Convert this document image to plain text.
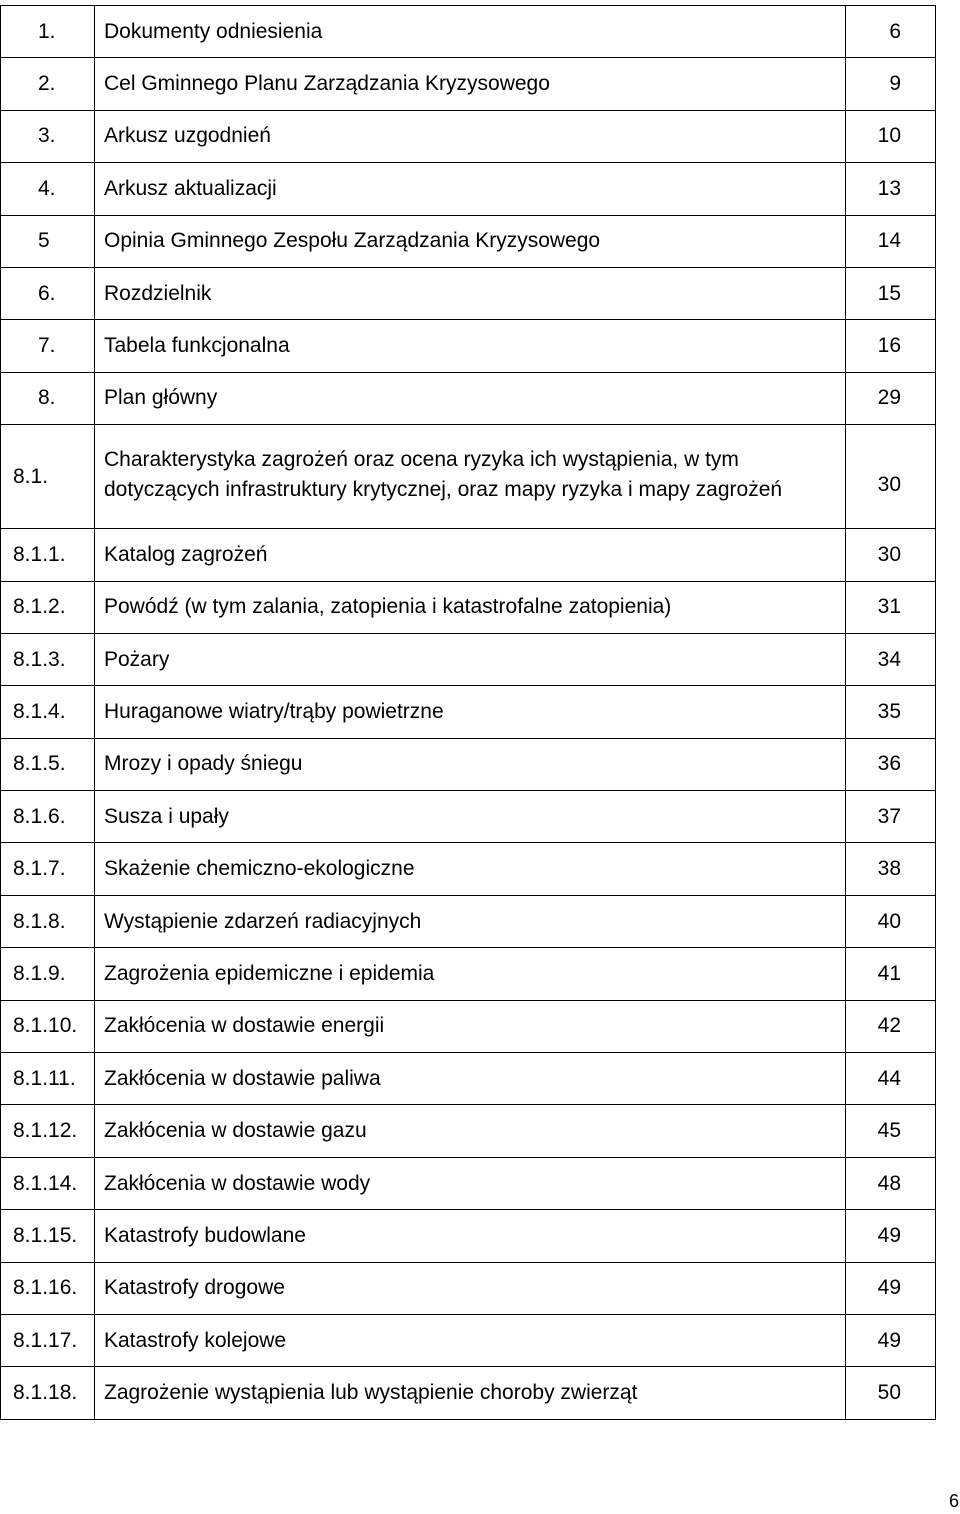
1.	Dokumenty odniesienia	6
2.	Cel Gminnego Planu Zarządzania Kryzysowego	9
3.	Arkusz uzgodnień	10
4.	Arkusz aktualizacji	13
5	Opinia Gminnego Zespołu Zarządzania Kryzysowego	14
6.	Rozdzielnik	15
7.	Tabela funkcjonalna	16
8.	Plan główny	29
8.1.	Charakterystyka zagrożeń oraz ocena ryzyka ich wystąpienia, w tym dotyczących infrastruktury krytycznej, oraz mapy ryzyka i mapy zagrożeń	30
8.1.1.	Katalog zagrożeń	30
8.1.2.	Powódź (w tym zalania, zatopienia i katastrofalne zatopienia)	31
8.1.3.	Pożary	34
8.1.4.	Huraganowe wiatry/trąby powietrzne	35
8.1.5.	Mrozy i opady śniegu	36
8.1.6.	Susza i upały	37
8.1.7.	Skażenie chemiczno-ekologiczne	38
8.1.8.	Wystąpienie zdarzeń radiacyjnych	40
8.1.9.	Zagrożenia epidemiczne i epidemia	41
8.1.10.	Zakłócenia w dostawie energii	42
8.1.11.	Zakłócenia w dostawie paliwa	44
8.1.12.	Zakłócenia w dostawie gazu	45
8.1.14.	Zakłócenia w dostawie wody	48
8.1.15.	Katastrofy budowlane	49
8.1.16.	Katastrofy drogowe	49
8.1.17.	Katastrofy kolejowe	49
8.1.18.	Zagrożenie wystąpienia lub wystąpienie choroby zwierząt	50
6
